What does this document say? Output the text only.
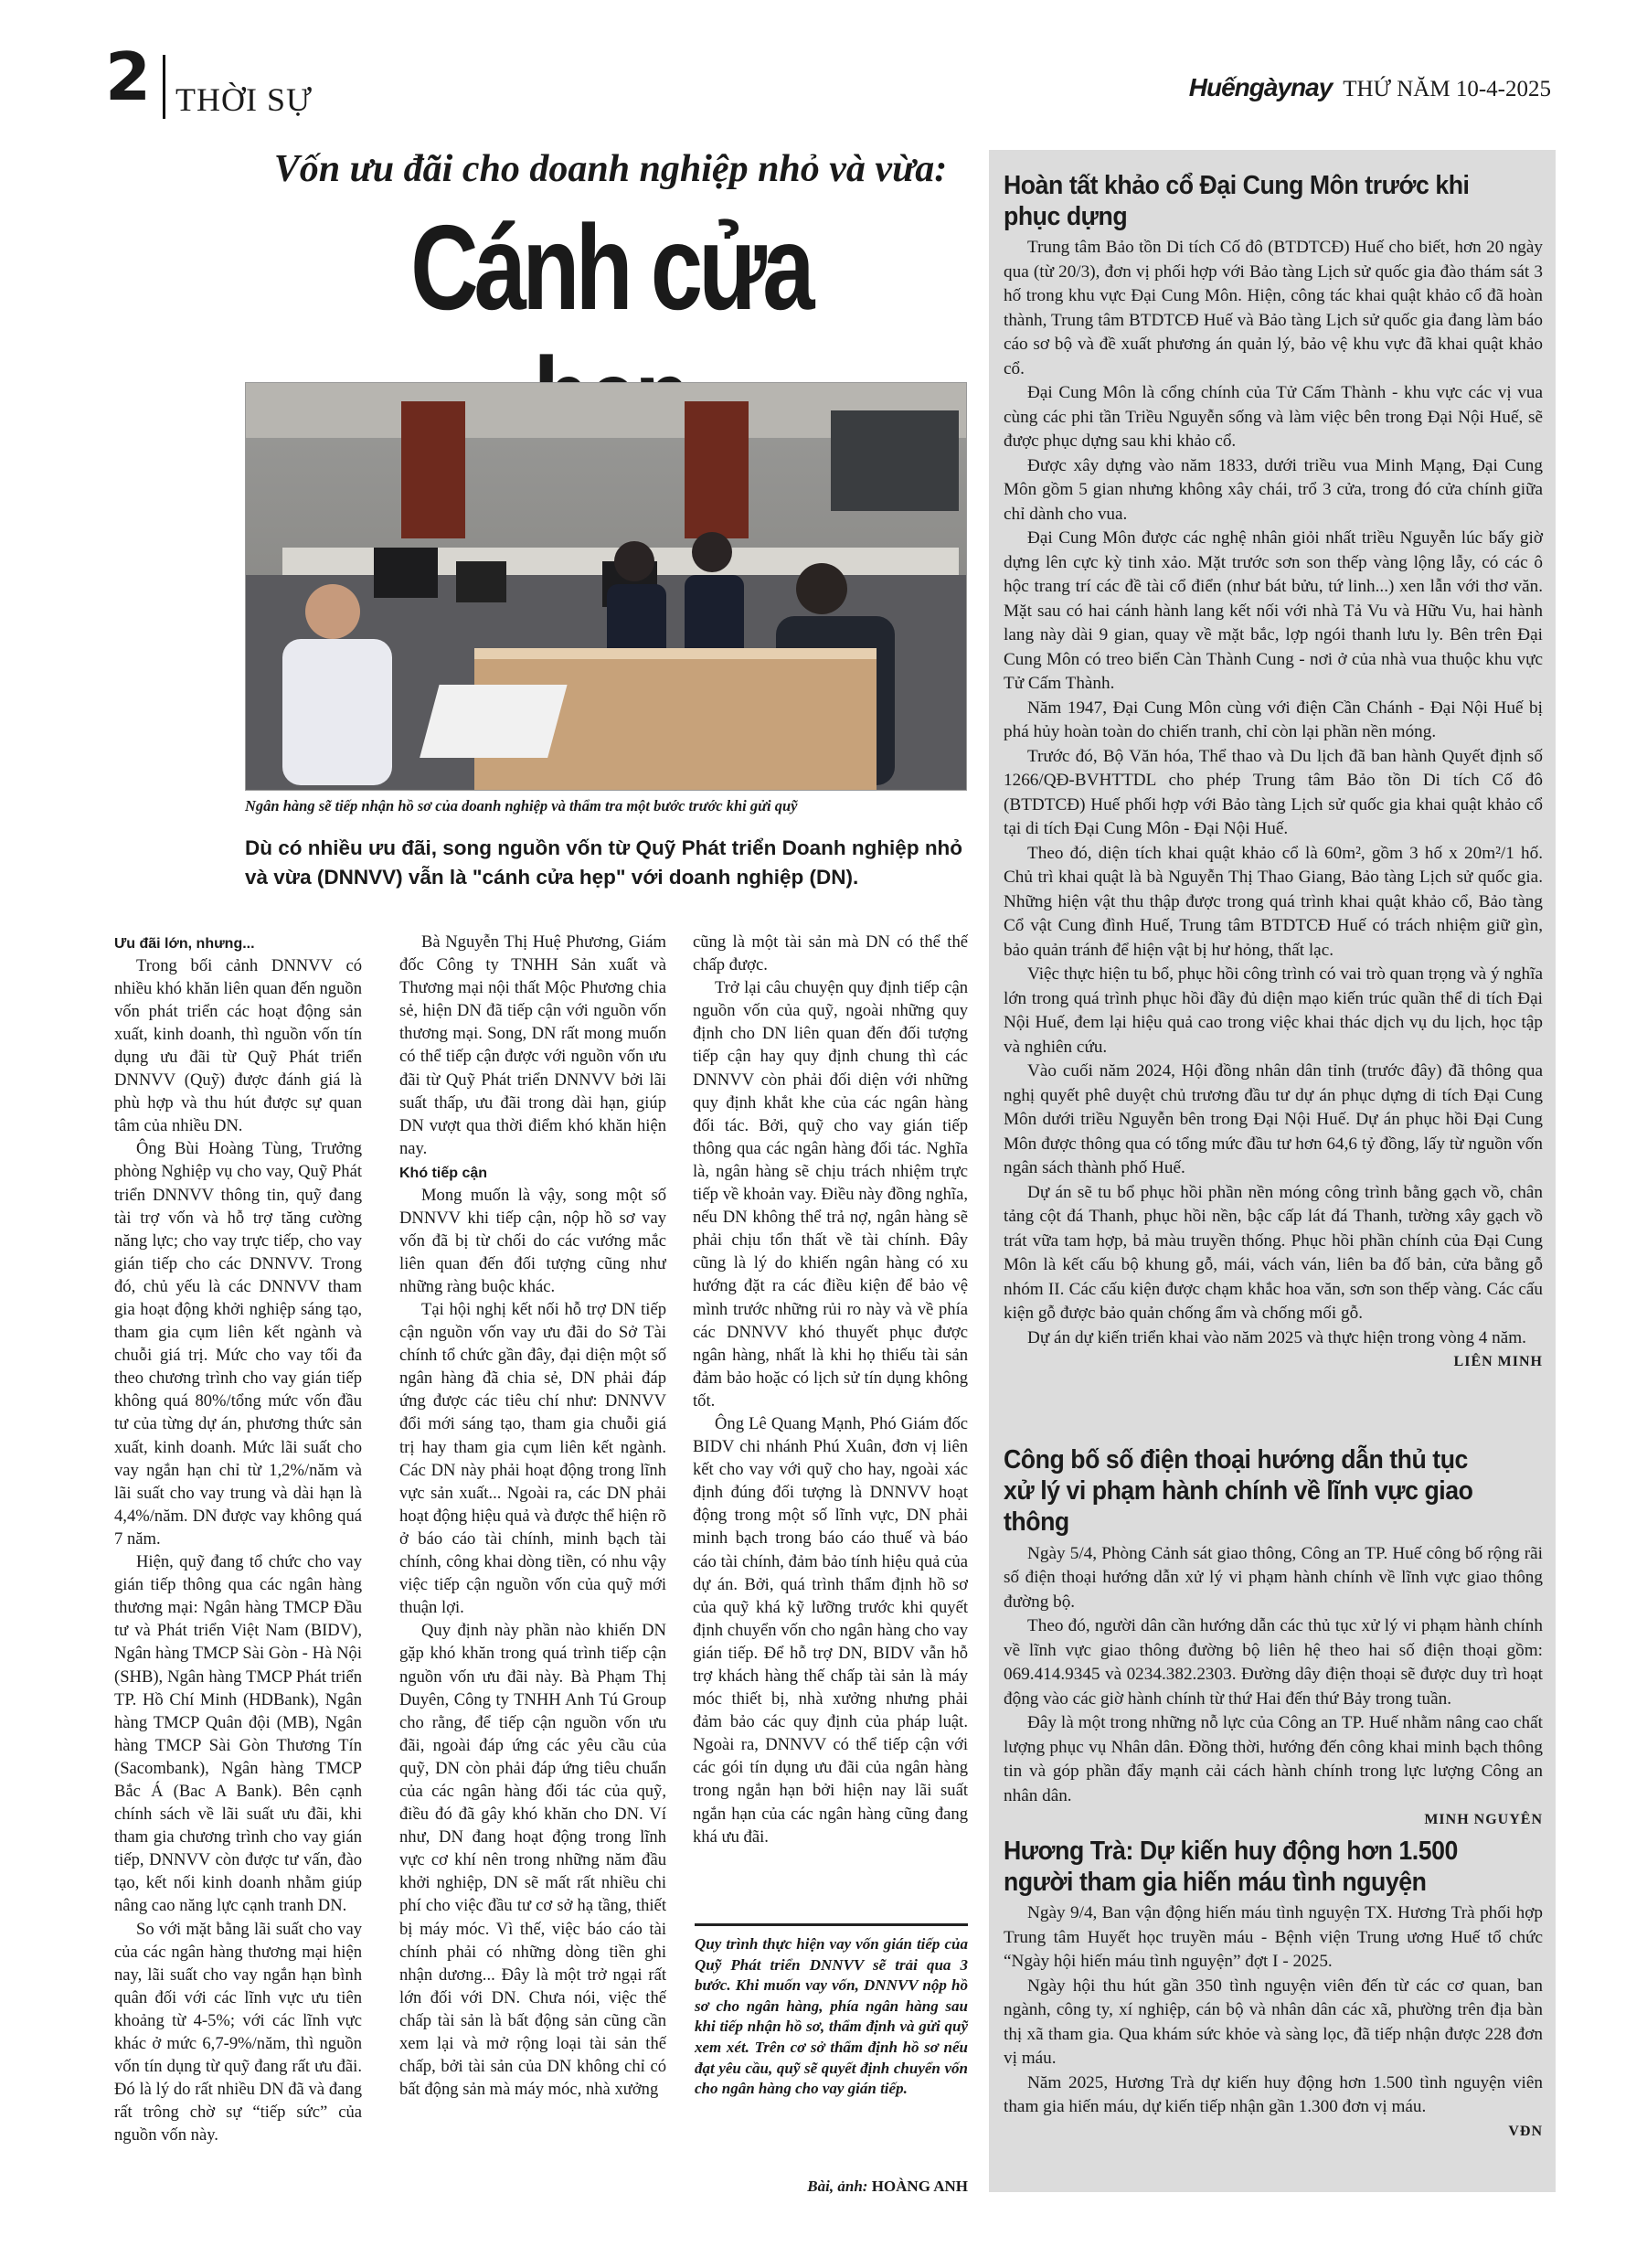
2 THỜI SỰ	Huếngàynay THỨ NĂM 10-4-2025
Vốn ưu đãi cho doanh nghiệp nhỏ và vừa:
Cánh cửa
Ngân hàng sẽ tiếp nhận hồ sơ của doanh nghiệp và thẩm tra một bước trước khi gửi quỹ
Dù có nhiều ưu đãi, song nguồn vốn từ Quỹ Phát triển Doanh nghiệp nhỏ và vừa (DNNVV) vẫn là "cánh cửa hẹp" với doanh nghiệp (DN).

Ưu đãi lớn, nhưng...

Trong bối cảnh DNNVV có nhiều khó khăn liên quan đến nguồn vốn phát triển các hoạt động sản xuất, kinh doanh, thì nguồn vốn tín dụng ưu đãi từ Quỹ Phát triển DNNVV (Quỹ) được đánh giá là phù hợp và thu hút được sự quan tâm của nhiều DN.

Ông Bùi Hoàng Tùng, Trưởng phòng Nghiệp vụ cho vay, Quỹ Phát triển DNNVV thông tin, quỹ đang tài trợ vốn và hỗ trợ tăng cường năng lực; cho vay trực tiếp, cho vay gián tiếp cho các DNNVV. Trong đó, chủ yếu là các DNNVV tham gia hoạt động khởi nghiệp sáng tạo, tham gia cụm liên kết ngành và chuỗi giá trị. Mức cho vay tối đa theo chương trình cho vay gián tiếp không quá 80%/tổng mức vốn đầu tư của từng dự án, phương thức sản xuất, kinh doanh. Mức lãi suất cho vay ngắn hạn chỉ từ 1,2%/năm và lãi suất cho vay trung và dài hạn là 4,4%/năm. DN được vay không quá 7 năm.

Hiện, quỹ đang tổ chức cho vay gián tiếp thông qua các ngân hàng thương mại: Ngân hàng TMCP Đầu tư và Phát triển Việt Nam (BIDV), Ngân hàng TMCP Sài Gòn - Hà Nội (SHB), Ngân hàng TMCP Phát triển TP. Hồ Chí Minh (HDBank), Ngân hàng TMCP Quân đội (MB), Ngân hàng TMCP Sài Gòn Thương Tín (Sacombank), Ngân hàng TMCP Bắc Á (Bac A Bank). Bên cạnh chính sách về lãi suất ưu đãi, khi tham gia chương trình cho vay gián tiếp, DNNVV còn được tư vấn, đào tạo, kết nối kinh doanh nhằm giúp nâng cao năng lực cạnh tranh DN.

So với mặt bằng lãi suất cho vay của các ngân hàng thương mại hiện nay, lãi suất cho vay ngắn hạn bình quân đối với các lĩnh vực ưu tiên khoảng từ 4-5%; với các lĩnh vực khác ở mức 6,7-9%/năm, thì nguồn vốn tín dụng từ quỹ đang rất ưu đãi. Đó là lý do rất nhiều DN đã và đang rất trông chờ sự “tiếp sức” của nguồn vốn này.

Bà Nguyễn Thị Huệ Phương, Giám đốc Công ty TNHH Sản xuất và Thương mại nội thất Mộc Phương chia sẻ, hiện DN đã tiếp cận với nguồn vốn thương mại. Song, DN rất mong muốn có thể tiếp cận được với nguồn vốn ưu đãi từ Quỹ Phát triển DNNVV bởi lãi suất thấp, ưu đãi trong dài hạn, giúp DN vượt qua thời điểm khó khăn hiện nay.

Khó tiếp cận

Mong muốn là vậy, song một số DNNVV khi tiếp cận, nộp hồ sơ vay vốn đã bị từ chối do các vướng mắc liên quan đến đối tượng cũng như những ràng buộc khác.

Tại hội nghị kết nối hỗ trợ DN tiếp cận nguồn vốn vay ưu đãi do Sở Tài chính tổ chức gần đây, đại diện một số ngân hàng đã chia sẻ, DN phải đáp ứng được các tiêu chí như: DNNVV đổi mới sáng tạo, tham gia chuỗi giá trị hay tham gia cụm liên kết ngành. Các DN này phải hoạt động trong lĩnh vực sản xuất... Ngoài ra, các DN phải hoạt động hiệu quả và được thể hiện rõ ở báo cáo tài chính, minh bạch tài chính, công khai dòng tiền, có nhu vậy việc tiếp cận nguồn vốn của quỹ mới thuận lợi.

Quy định này phần nào khiến DN gặp khó khăn trong quá trình tiếp cận nguồn vốn ưu đãi này. Bà Phạm Thị Duyên, Công ty TNHH Anh Tú Group cho rằng, để tiếp cận nguồn vốn ưu đãi, ngoài đáp ứng các yêu cầu của quỹ, DN còn phải đáp ứng tiêu chuẩn của các ngân hàng đối tác của quỹ, điều đó đã gây khó khăn cho DN. Ví như, DN đang hoạt động trong lĩnh vực cơ khí nên trong những năm đầu khởi nghiệp, DN sẽ mất rất nhiều chi phí cho việc đầu tư cơ sở hạ tầng, thiết bị máy móc. Vì thế, việc báo cáo tài chính phải có những dòng tiền ghi nhận dương... Đây là một trở ngại rất lớn đối với DN. Chưa nói, việc thế chấp tài sản là bất động sản cũng cần xem lại và mở rộng loại tài sản thế chấp, bởi tài sản của DN không chỉ có bất động sản mà máy móc, nhà xưởng

cũng là một tài sản mà DN có thể thế chấp được.

Trở lại câu chuyện quy định tiếp cận nguồn vốn của quỹ, ngoài những quy định cho DN liên quan đến đối tượng tiếp cận hay quy định chung thì các DNNVV còn phải đối diện với những quy định khắt khe của các ngân hàng đối tác. Bởi, quỹ cho vay gián tiếp thông qua các ngân hàng đối tác. Nghĩa là, ngân hàng sẽ chịu trách nhiệm trực tiếp về khoản vay. Điều này đồng nghĩa, nếu DN không thể trả nợ, ngân hàng sẽ phải chịu tổn thất về tài chính. Đây cũng là lý do khiến ngân hàng có xu hướng đặt ra các điều kiện để bảo vệ mình trước những rủi ro này và về phía các DNNVV khó thuyết phục được ngân hàng, nhất là khi họ thiếu tài sản đảm bảo hoặc có lịch sử tín dụng không tốt.

Ông Lê Quang Mạnh, Phó Giám đốc BIDV chi nhánh Phú Xuân, đơn vị liên kết cho vay với quỹ cho hay, ngoài xác định đúng đối tượng là DNNVV hoạt động trong một số lĩnh vực, DN phải minh bạch trong báo cáo thuế và báo cáo tài chính, đảm bảo tính hiệu quả của dự án. Bởi, quá trình thẩm định hồ sơ của quỹ khá kỹ lưỡng trước khi quyết định chuyển vốn cho ngân hàng cho vay gián tiếp. Để hỗ trợ DN, BIDV vẫn hỗ trợ khách hàng thế chấp tài sản là máy móc thiết bị, nhà xưởng nhưng phải đảm bảo các quy định của pháp luật. Ngoài ra, DNNVV có thể tiếp cận với các gói tín dụng ưu đãi của ngân hàng trong ngắn hạn bởi hiện nay lãi suất ngắn hạn của các ngân hàng cũng đang khá ưu đãi.

Quy trình thực hiện vay vốn gián tiếp của Quỹ Phát triển DNNVV sẽ trải qua 3 bước. Khi muốn vay vốn, DNNVV nộp hồ sơ cho ngân hàng, phía ngân hàng sau khi tiếp nhận hồ sơ, thẩm định và gửi quỹ xem xét. Trên cơ sở thẩm định hồ sơ nếu đạt yêu cầu, quỹ sẽ quyết định chuyển vốn cho ngân hàng cho vay gián tiếp.
Bài, ảnh: HOÀNG ANH
Hoàn tất khảo cổ Đại Cung Môn trước khi phục dựng

Trung tâm Bảo tồn Di tích Cố đô (BTDTCĐ) Huế cho biết, hơn 20 ngày qua (từ 20/3), đơn vị phối hợp với Bảo tàng Lịch sử quốc gia đào thám sát 3 hố trong khu vực Đại Cung Môn. Hiện, công tác khai quật khảo cổ đã hoàn thành, Trung tâm BTDTCĐ Huế và Bảo tàng Lịch sử quốc gia đang làm báo cáo sơ bộ và đề xuất phương án quản lý, bảo vệ khu vực đã khai quật khảo cổ.

Đại Cung Môn là cổng chính của Tử Cấm Thành - khu vực các vị vua cùng các phi tần Triều Nguyễn sống và làm việc bên trong Đại Nội Huế, sẽ được phục dựng sau khi khảo cổ.

Được xây dựng vào năm 1833, dưới triều vua Minh Mạng, Đại Cung Môn gồm 5 gian nhưng không xây chái, trổ 3 cửa, trong đó cửa chính giữa chỉ dành cho vua.

Đại Cung Môn được các nghệ nhân giỏi nhất triều Nguyễn lúc bấy giờ dựng lên cực kỳ tinh xảo. Mặt trước sơn son thếp vàng lộng lẫy, có các ô hộc trang trí các đề tài cổ điển (như bát bửu, tứ linh...) xen lẫn với thơ văn. Mặt sau có hai cánh hành lang kết nối với nhà Tả Vu và Hữu Vu, hai hành lang này dài 9 gian, quay về mặt bắc, lợp ngói thanh lưu ly. Bên trên Đại Cung Môn có treo biển Càn Thành Cung - nơi ở của nhà vua thuộc khu vực Tử Cấm Thành.

Năm 1947, Đại Cung Môn cùng với điện Cần Chánh - Đại Nội Huế bị phá hủy hoàn toàn do chiến tranh, chỉ còn lại phần nền móng.

Trước đó, Bộ Văn hóa, Thể thao và Du lịch đã ban hành Quyết định số 1266/QĐ-BVHTTDL cho phép Trung tâm Bảo tồn Di tích Cố đô (BTDTCĐ) Huế phối hợp với Bảo tàng Lịch sử quốc gia khai quật khảo cổ tại di tích Đại Cung Môn - Đại Nội Huế.

Theo đó, diện tích khai quật khảo cổ là 60m², gồm 3 hố x 20m²/1 hố. Chủ trì khai quật là bà Nguyễn Thị Thao Giang, Bảo tàng Lịch sử quốc gia. Những hiện vật thu thập được trong quá trình khai quật khảo cổ, Bảo tàng Cổ vật Cung đình Huế, Trung tâm BTDTCĐ Huế có trách nhiệm giữ gìn, bảo quản tránh để hiện vật bị hư hỏng, thất lạc.

Việc thực hiện tu bổ, phục hồi công trình có vai trò quan trọng và ý nghĩa lớn trong quá trình phục hồi đầy đủ diện mạo kiến trúc quần thể di tích Đại Nội Huế, đem lại hiệu quả cao trong việc khai thác dịch vụ du lịch, học tập và nghiên cứu.

Vào cuối năm 2024, Hội đồng nhân dân tỉnh (trước đây) đã thông qua nghị quyết phê duyệt chủ trương đầu tư dự án phục dựng di tích Đại Cung Môn dưới triều Nguyễn bên trong Đại Nội Huế. Dự án phục hồi Đại Cung Môn được thông qua có tổng mức đầu tư hơn 64,6 tỷ đồng, lấy từ nguồn vốn ngân sách thành phố Huế.

Dự án sẽ tu bổ phục hồi phần nền móng công trình bằng gạch vồ, chân tảng cột đá Thanh, phục hồi nền, bậc cấp lát đá Thanh, tường xây gạch vồ trát vữa tam hợp, bả màu truyền thống. Phục hồi phần chính của Đại Cung Môn là kết cấu bộ khung gỗ, mái, vách ván, liên ba đố bản, cửa bằng gỗ nhóm II. Các cấu kiện được chạm khắc hoa văn, sơn son thếp vàng. Các cấu kiện gỗ được bảo quản chống ẩm và chống mối gỗ.

Dự án dự kiến triển khai vào năm 2025 và thực hiện trong vòng 4 năm.

LIÊN MINH
Công bố số điện thoại hướng dẫn thủ tục xử lý vi phạm hành chính về lĩnh vực giao thông

Ngày 5/4, Phòng Cảnh sát giao thông, Công an TP. Huế công bố rộng rãi số điện thoại hướng dẫn xử lý vi phạm hành chính về lĩnh vực giao thông đường bộ.

Theo đó, người dân cần hướng dẫn các thủ tục xử lý vi phạm hành chính về lĩnh vực giao thông đường bộ liên hệ theo hai số điện thoại gồm: 069.414.9345 và 0234.382.2303. Đường dây điện thoại sẽ được duy trì hoạt động vào các giờ hành chính từ thứ Hai đến thứ Bảy trong tuần.

Đây là một trong những nỗ lực của Công an TP. Huế nhằm nâng cao chất lượng phục vụ Nhân dân. Đồng thời, hướng đến công khai minh bạch thông tin và góp phần đẩy mạnh cải cách hành chính trong lực lượng Công an nhân dân.

MINH NGUYÊN
Hương Trà: Dự kiến huy động hơn 1.500 người tham gia hiến máu tình nguyện

Ngày 9/4, Ban vận động hiến máu tình nguyện TX. Hương Trà phối hợp Trung tâm Huyết học truyền máu - Bệnh viện Trung ương Huế tổ chức “Ngày hội hiến máu tình nguyện” đợt I - 2025.

Ngày hội thu hút gần 350 tình nguyện viên đến từ các cơ quan, ban ngành, công ty, xí nghiệp, cán bộ và nhân dân các xã, phường trên địa bàn thị xã tham gia. Qua khám sức khỏe và sàng lọc, đã tiếp nhận được 228 đơn vị máu.

Năm 2025, Hương Trà dự kiến huy động hơn 1.500 tình nguyện viên tham gia hiến máu, dự kiến tiếp nhận gần 1.300 đơn vị máu.

VĐN
